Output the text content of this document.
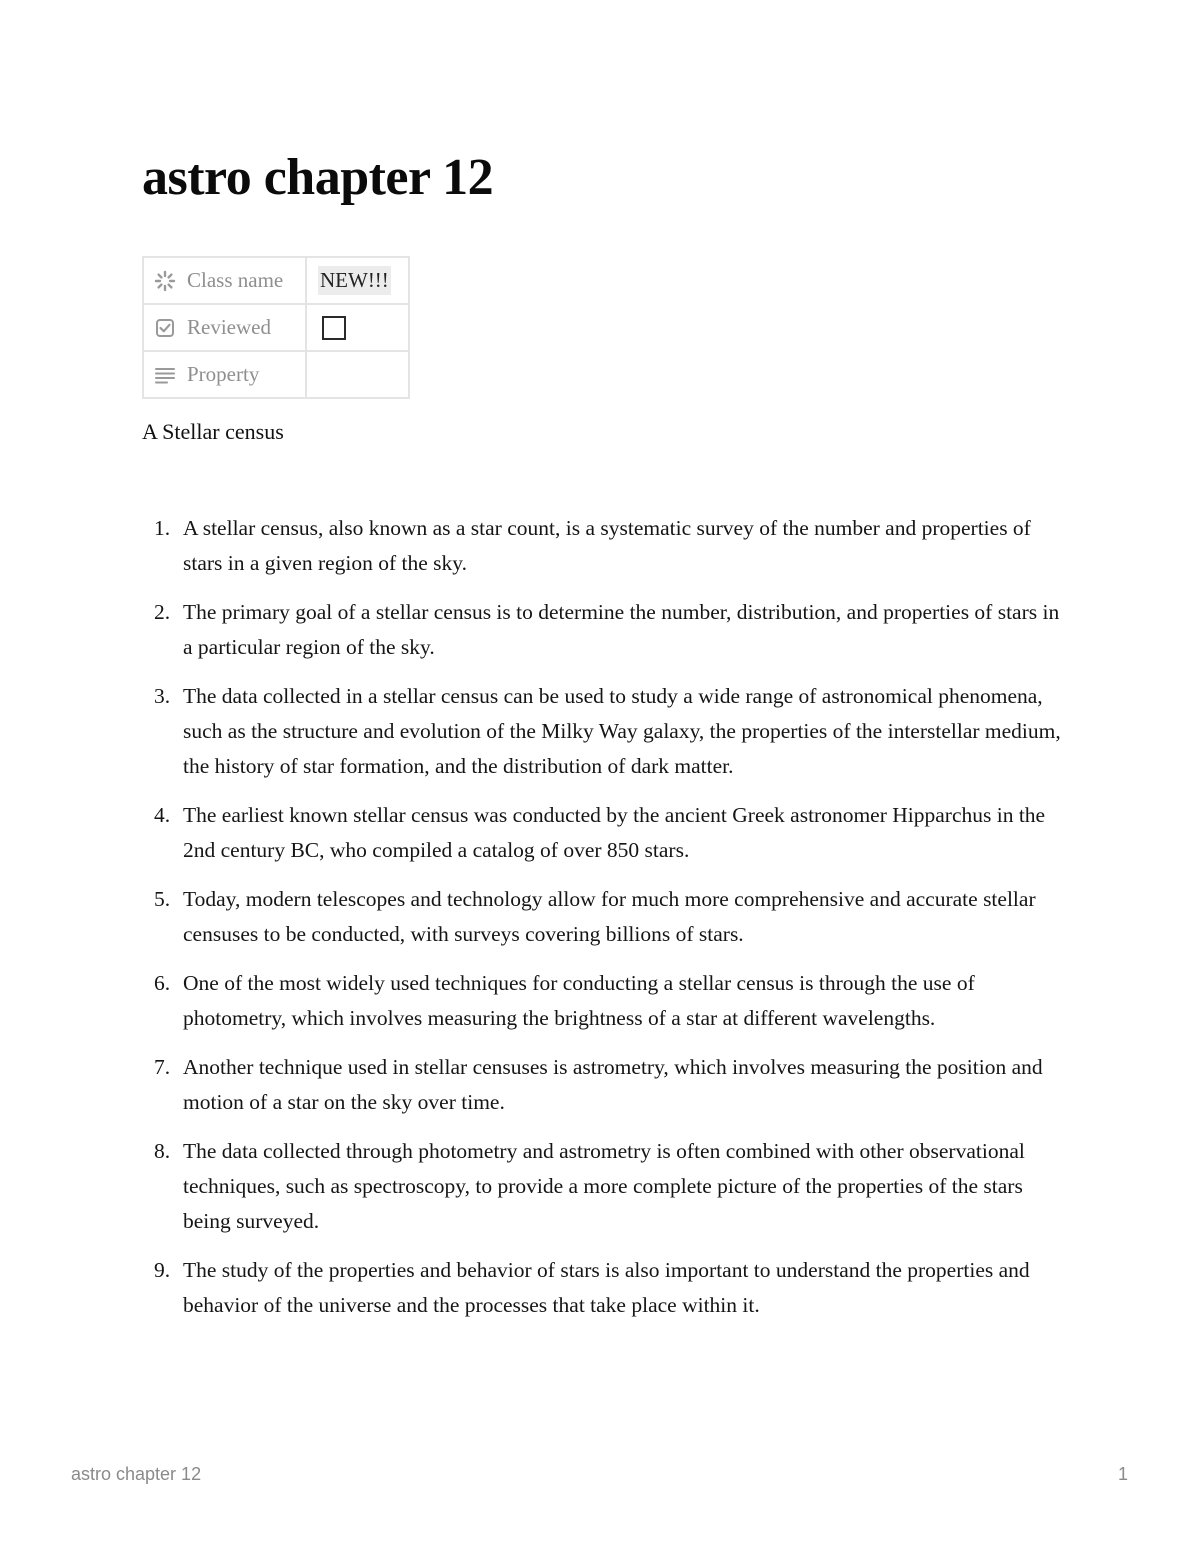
astro chapter 12
Class name	NEW!!!

Reviewed	

Property	

A Stellar census

1. A stellar census, also known as a star count, is a systematic survey of the number and properties of stars in a given region of the sky.
2. The primary goal of a stellar census is to determine the number, distribution, and properties of stars in a particular region of the sky.
3. The data collected in a stellar census can be used to study a wide range of astronomical phenomena, such as the structure and evolution of the Milky Way galaxy, the properties of the interstellar medium, the history of star formation, and the distribution of dark matter.
4. The earliest known stellar census was conducted by the ancient Greek astronomer Hipparchus in the 2nd century BC, who compiled a catalog of over 850 stars.
5. Today, modern telescopes and technology allow for much more comprehensive and accurate stellar censuses to be conducted, with surveys covering billions of stars.
6. One of the most widely used techniques for conducting a stellar census is through the use of photometry, which involves measuring the brightness of a star at different wavelengths.
7. Another technique used in stellar censuses is astrometry, which involves measuring the position and motion of a star on the sky over time.
8. The data collected through photometry and astrometry is often combined with other observational techniques, such as spectroscopy, to provide a more complete picture of the properties of the stars being surveyed.
9. The study of the properties and behavior of stars is also important to understand the properties and behavior of the universe and the processes that take place within it.
astro chapter 12	1
